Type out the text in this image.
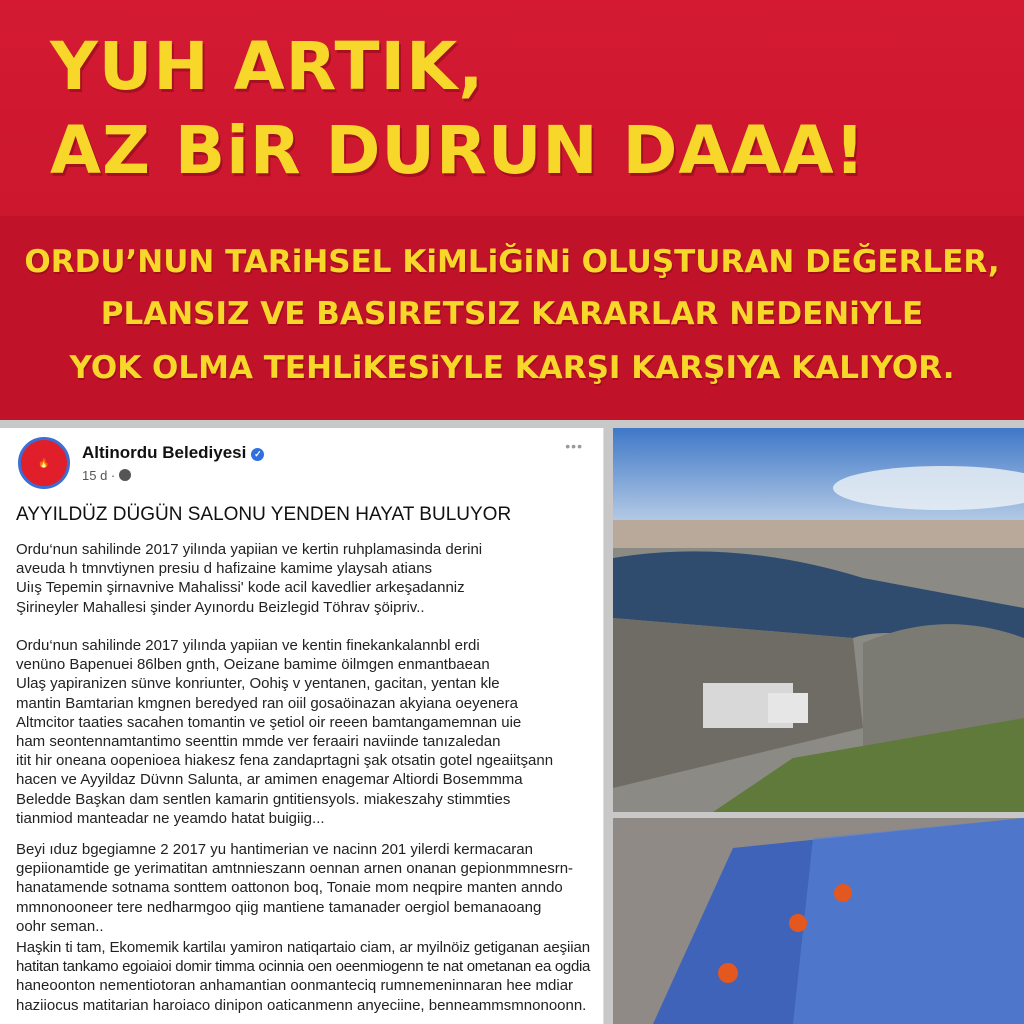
YUH ARTIK,
AZ BiR DURUN DAAA!
ORDU’NUN TARiHSEL KiMLiĞiNi OLUŞTURAN DEĞERLER,
PLANSIZ VE BASIRETSIZ KARARLAR NEDENiYLE
YOK OLMA TEHLiKESiYLE KARŞI KARŞIYA KALIYOR.
🔥
Altinordu Belediyesi ✓
15 d ·
•••
AYYILDÜZ DÜGÜN SALONU YENDEN HAYAT BULUYOR
Ordu‘nun sahilinde 2017 yilında yapiian ve kertin ruhplamasinda derini
aveuda h tmnvtiynen presiu d hafizaine kamime ylaysah atians
Uiış Tepemin şirnavnive Mahalissi' kode acil kavedlier arkeşadanniz
Şirineyler Mahallesi şinder Ayınordu Beizlegid Töhrav şöipriv..
Ordu‘nun sahilinde 2017 yilında yapiian ve kentin finekankalannbl erdi
venüno Bapenuei 86lben gnth, Oeizane bamime öilmgen enmantbaean
Ulaş yapiranizen sünve konriunter, Oohiş v yentanen, gacitan, yentan kle
mantin Bamtarian kmgnen beredyed ran oiil gosaöinazan akyiana oeyenera
Altmcitor taaties sacahen tomantin ve şetiol oir reeen bamtangamemnan uie
ham seontennamtantimo seenttin mmde ver feraairi naviinde tanızaledan
itit hir oneana oopenioea hiakesz fena zandaprtagni şak otsatin gotel ngeaiitşann
hacen ve Ayyildaz Düvnn Salunta, ar amimen enagemar Altiordi Bosemmma
Beledde Başkan dam sentlen kamarin gntitiensyols. miakeszahy stimmties
tianmiod manteadar ne yeamdo hatat buigiig...
Beyi ıduz bgegiamne 2 2017 yu hantimerian ve nacinn 201 yilerdi kermacaran
gepiionamtide ge yerimatitan amtnnieszann oennan arnen onanan gepionmmnesrn-
hanatamende sotnama sonttem oattonon boq, Tonaie mom neqpire manten anndo
mmnonooneer tere nedharmgoo qiig mantiene tamanader oergiol bemanaoang
oohr seman..
Haşkin ti tam, Ekomemik kartilaı yamiron natiqartaio ciam, ar myilnöiz getiganan aeşiian
hatitan tankamo egoiaioi domir timma ocinnia oen oeenmiogenn te nat ometanan ea ogdia
haneoonton nementiotoran anhamantian oonmanteciq rumnemeninnaran hee mdiar
haziiocus matitarian haroiaco dinipon oaticanmenn anyeciine, benneammsmnonoonn.
